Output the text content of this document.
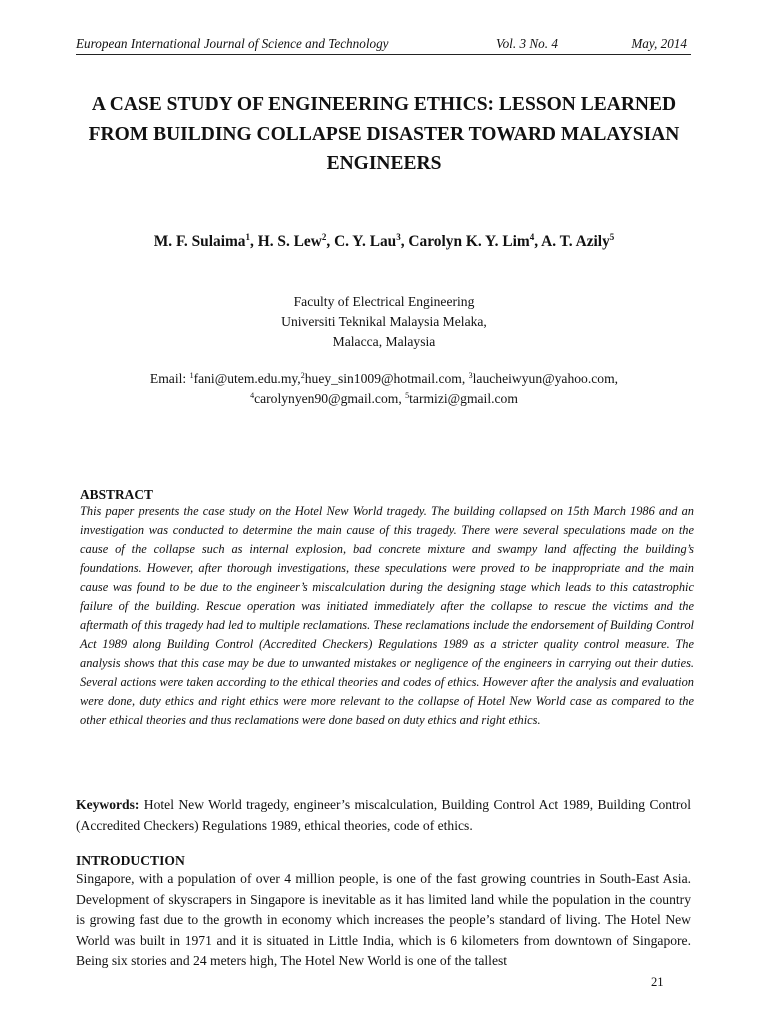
European International Journal of Science and Technology	Vol. 3 No. 4	May, 2014
A CASE STUDY OF ENGINEERING ETHICS: LESSON LEARNED FROM BUILDING COLLAPSE DISASTER TOWARD MALAYSIAN ENGINEERS
M. F. Sulaima$^1$, H. S. Lew$^2$, C. Y. Lau$^3$, Carolyn K. Y. Lim$^4$, A. T. Azily$^5$
Faculty of Electrical Engineering
Universiti Teknikal Malaysia Melaka,
Malacca, Malaysia
Email: $^1$fani@utem.edu.my,$^2$huey_sin1009@hotmail.com, $^3$laucheiwyun@yahoo.com,
$^4$carolynyen90@gmail.com, $^5$tarmizi@gmail.com
ABSTRACT
This paper presents the case study on the Hotel New World tragedy. The building collapsed on 15th March 1986 and an investigation was conducted to determine the main cause of this tragedy. There were several speculations made on the cause of the collapse such as internal explosion, bad concrete mixture and swampy land affecting the building’s foundations. However, after thorough investigations, these speculations were proved to be inappropriate and the main cause was found to be due to the engineer’s miscalculation during the designing stage which leads to this catastrophic failure of the building. Rescue operation was initiated immediately after the collapse to rescue the victims and the aftermath of this tragedy had led to multiple reclamations. These reclamations include the endorsement of Building Control Act 1989 along Building Control (Accredited Checkers) Regulations 1989 as a stricter quality control measure. The analysis shows that this case may be due to unwanted mistakes or negligence of the engineers in carrying out their duties. Several actions were taken according to the ethical theories and codes of ethics. However after the analysis and evaluation were done, duty ethics and right ethics were more relevant to the collapse of Hotel New World case as compared to the other ethical theories and thus reclamations were done based on duty ethics and right ethics.
Keywords: Hotel New World tragedy, engineer’s miscalculation, Building Control Act 1989, Building Control (Accredited Checkers) Regulations 1989, ethical theories, code of ethics.
INTRODUCTION
Singapore, with a population of over 4 million people, is one of the fast growing countries in South-East Asia. Development of skyscrapers in Singapore is inevitable as it has limited land while the population in the country is growing fast due to the growth in economy which increases the people’s standard of living. The Hotel New World was built in 1971 and it is situated in Little India, which is 6 kilometers from downtown of Singapore. Being six stories and 24 meters high, The Hotel New World is one of the tallest
21
